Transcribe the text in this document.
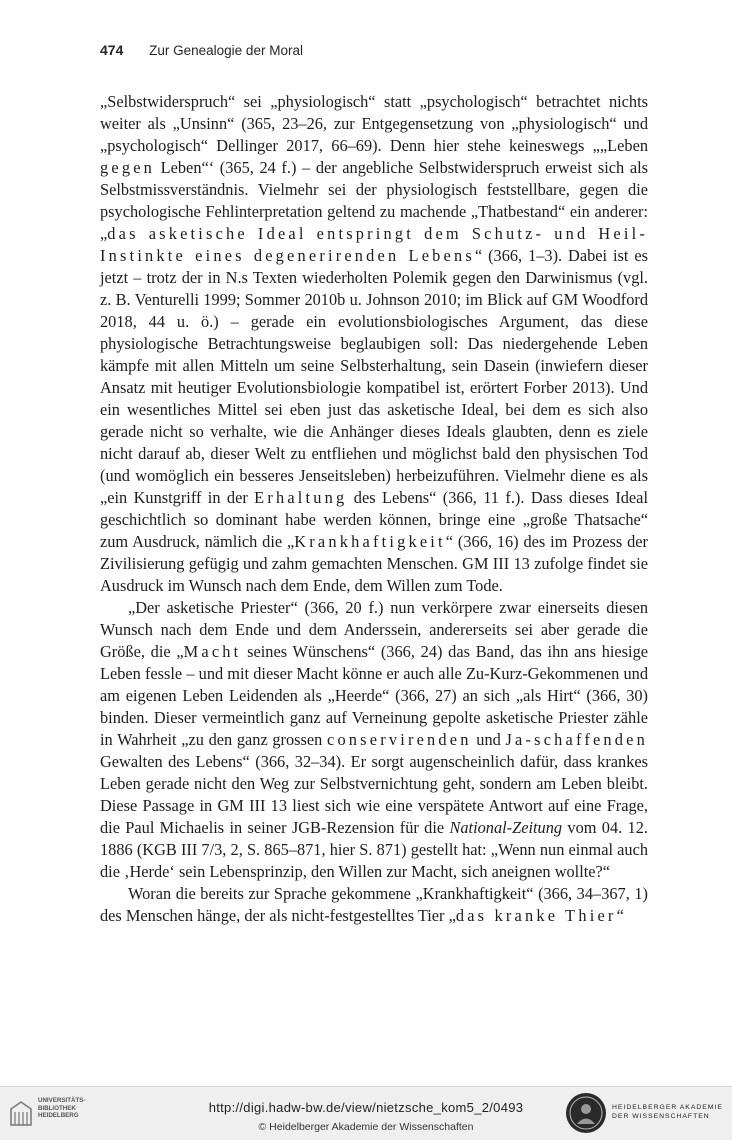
474 Zur Genealogie der Moral

„Selbstwiderspruch“ sei „physiologisch“ statt „psychologisch“ betrachtet nichts weiter als „Unsinn“ (365, 23–26, zur Entgegensetzung von „physiologisch“ und „psychologisch“ Dellinger 2017, 66–69). Denn hier stehe keineswegs „„Leben gegen Leben“‘ (365, 24 f.) – der angebliche Selbstwiderspruch erweist sich als Selbstmissverständnis. Vielmehr sei der physiologisch feststellbare, gegen die psychologische Fehlinterpretation geltend zu machende „Thatbestand“ ein anderer: „das asketische Ideal entspringt dem Schutz- und Heil-Instinkte eines degenerirenden Lebens“ (366, 1–3). Dabei ist es jetzt – trotz der in N.s Texten wiederholten Polemik gegen den Darwinismus (vgl. z. B. Venturelli 1999; Sommer 2010b u. Johnson 2010; im Blick auf GM Woodford 2018, 44 u. ö.) – gerade ein evolutionsbiologisches Argument, das diese physiologische Betrachtungsweise beglaubigen soll: Das niedergehende Leben kämpfe mit allen Mitteln um seine Selbsterhaltung, sein Dasein (inwiefern dieser Ansatz mit heutiger Evolutionsbiologie kompatibel ist, erörtert Forber 2013). Und ein wesentliches Mittel sei eben just das asketische Ideal, bei dem es sich also gerade nicht so verhalte, wie die Anhänger dieses Ideals glaubten, denn es ziele nicht darauf ab, dieser Welt zu entfliehen und möglichst bald den physischen Tod (und womöglich ein besseres Jenseitsleben) herbeizuführen. Vielmehr diene es als „ein Kunstgriff in der Erhaltung des Lebens“ (366, 11 f.). Dass dieses Ideal geschichtlich so dominant habe werden können, bringe eine „große Thatsache“ zum Ausdruck, nämlich die „Krankhaftigkeit“ (366, 16) des im Prozess der Zivilisierung gefügig und zahm gemachten Menschen. GM III 13 zufolge findet sie Ausdruck im Wunsch nach dem Ende, dem Willen zum Tode.

„Der asketische Priester“ (366, 20 f.) nun verkörpere zwar einerseits diesen Wunsch nach dem Ende und dem Anderssein, andererseits sei aber gerade die Größe, die „Macht seines Wünschens“ (366, 24) das Band, das ihn ans hiesige Leben fessle – und mit dieser Macht könne er auch alle Zu-Kurz-Gekommenen und am eigenen Leben Leidenden als „Heerde“ (366, 27) an sich „als Hirt“ (366, 30) binden. Dieser vermeintlich ganz auf Verneinung gepolte asketische Priester zähle in Wahrheit „zu den ganz grossen conservirenden und Ja-schaffenden Gewalten des Lebens“ (366, 32–34). Er sorgt augenscheinlich dafür, dass krankes Leben gerade nicht den Weg zur Selbstvernichtung geht, sondern am Leben bleibt. Diese Passage in GM III 13 liest sich wie eine verspätete Antwort auf eine Frage, die Paul Michaelis in seiner JGB-Rezension für die National-Zeitung vom 04. 12. 1886 (KGB III 7/3, 2, S. 865–871, hier S. 871) gestellt hat: „Wenn nun einmal auch die ‚Herde‘ sein Lebensprinzip, den Willen zur Macht, sich aneignen wollte?“

Woran die bereits zur Sprache gekommene „Krankhaftigkeit“ (366, 34–367, 1) des Menschen hänge, der als nicht-festgestelltes Tier „das kranke Thier“

UNIVERSITÄTS-
BIBLIOTHEK
HEIDELBERG
http://digi.hadw-bw.de/view/nietzsche_kom5_2/0493
© Heidelberger Akademie der Wissenschaften
HEIDELBERGER AKADEMIE
DER WISSENSCHAFTEN
